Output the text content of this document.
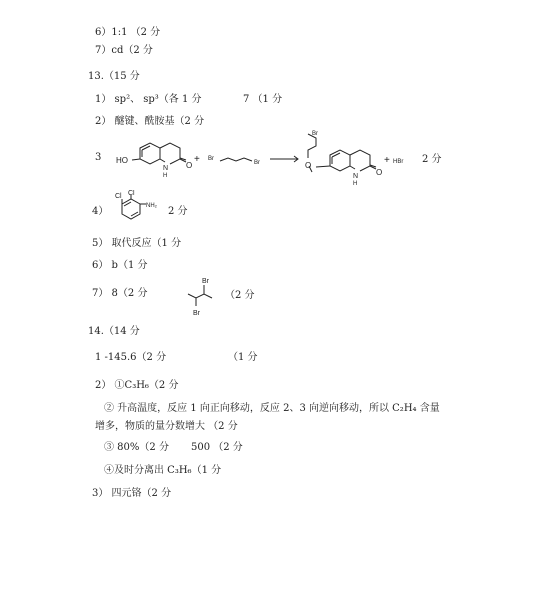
6）1:1 （2 分
7）cd（2 分
13.（15 分
1） sp²、 sp³（各 1 分	7 （1 分
2） 醚键、酰胺基（2 分
3	2 分
4）	2 分
5） 取代反应（1 分
6） b（1 分
7） 8（2 分	（2 分
14.（14 分
1 -145.6（2 分	（1 分
2） ①C₃H₆（2 分
② 升高温度，反应 1 向正向移动，反应 2、3 向逆向移动，所以 C₂H₄ 含量
增多，物质的量分数增大 （2 分
③ 80%（2 分 500 （2 分
④及时分离出 C₃H₆（1 分
3） 四元铬（2 分
HO
N
H
O
+ Br
Br
Br
O
N
H
O
+ HBr
Cl Cl
NH₂
Br
Br
